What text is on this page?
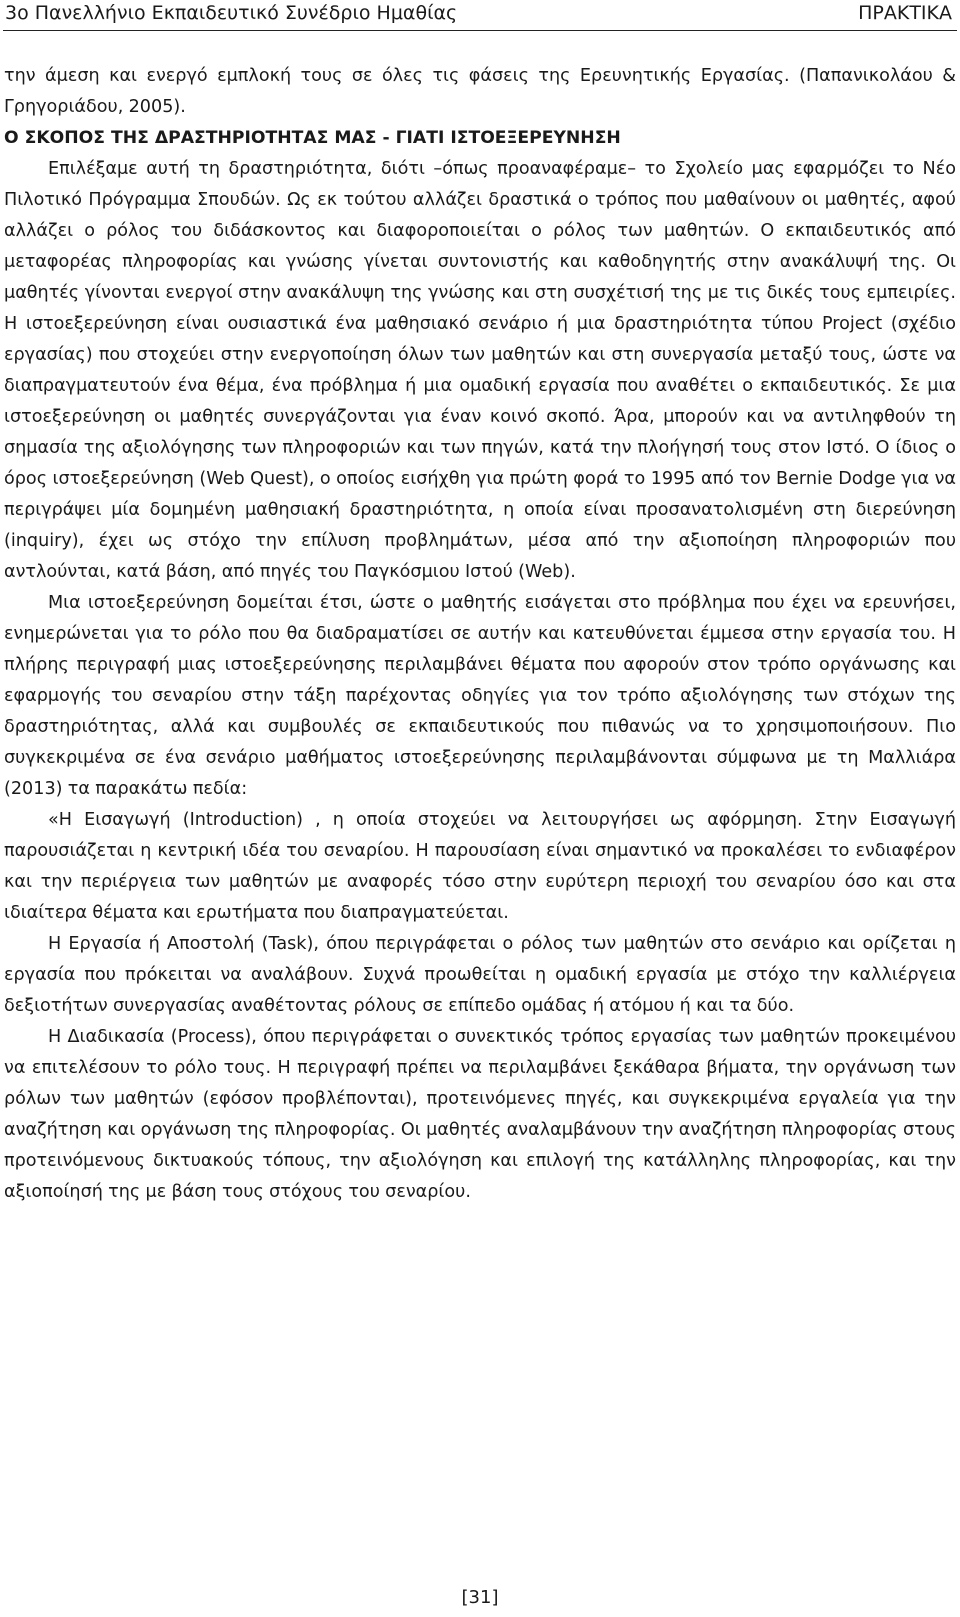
3ο Πανελλήνιο Εκπαιδευτικό Συνέδριο Ημαθίας	ΠΡΑΚΤΙΚΑ

την άμεση και ενεργό εμπλοκή τους σε όλες τις φάσεις της Ερευνητικής Εργασίας. (Παπανικολάου & Γρηγοριάδου, 2005).

Ο ΣΚΟΠΟΣ ΤΗΣ ΔΡΑΣΤΗΡΙΟΤΗΤΑΣ ΜΑΣ - ΓΙΑΤΙ ΙΣΤΟΕΞΕΡΕΥΝΗΣΗ

Επιλέξαμε αυτή τη δραστηριότητα, διότι –όπως προαναφέραμε– το Σχολείο μας εφαρμόζει το Νέο Πιλοτικό Πρόγραμμα Σπουδών. Ως εκ τούτου αλλάζει δραστικά ο τρόπος που μαθαίνουν οι μαθητές, αφού αλλάζει ο ρόλος του διδάσκοντος και διαφοροποιείται ο ρόλος των μαθητών. Ο εκπαιδευτικός από μεταφορέας πληροφορίας και γνώσης γίνεται συντονιστής και καθοδηγητής στην ανακάλυψή της. Οι μαθητές γίνονται ενεργοί στην ανακάλυψη της γνώσης και στη συσχέτισή της με τις δικές τους εμπειρίες. Η ιστοεξερεύνηση είναι ουσιαστικά ένα μαθησιακό σενάριο ή μια δραστηριότητα τύπου Project (σχέδιο εργασίας) που στοχεύει στην ενεργοποίηση όλων των μαθητών και στη συνεργασία μεταξύ τους, ώστε να διαπραγματευτούν ένα θέμα, ένα πρόβλημα ή μια ομαδική εργασία που αναθέτει ο εκπαιδευτικός. Σε μια ιστοεξερεύνηση οι μαθητές συνεργάζονται για έναν κοινό σκοπό. Άρα, μπορούν και να αντιληφθούν τη σημασία της αξιολόγησης των πληροφοριών και των πηγών, κατά την πλοήγησή τους στον Ιστό. Ο ίδιος ο όρος ιστοεξερεύνηση (Web Quest), ο οποίος εισήχθη για πρώτη φορά το 1995 από τον Bernie Dodge για να περιγράψει μία δομημένη μαθησιακή δραστηριότητα, η οποία είναι προσανατολισμένη στη διερεύνηση (inquiry), έχει ως στόχο την επίλυση προβλημάτων, μέσα από την αξιοποίηση πληροφοριών που αντλούνται, κατά βάση, από πηγές του Παγκόσμιου Ιστού (Web).

Μια ιστοεξερεύνηση δομείται έτσι, ώστε ο μαθητής εισάγεται στο πρόβλημα που έχει να ερευνήσει, ενημερώνεται για το ρόλο που θα διαδραματίσει σε αυτήν και κατευθύνεται έμμεσα στην εργασία του. Η πλήρης περιγραφή μιας ιστοεξερεύνησης περιλαμβάνει θέματα που αφορούν στον τρόπο οργάνωσης και εφαρμογής του σεναρίου στην τάξη παρέχοντας οδηγίες για τον τρόπο αξιολόγησης των στόχων της δραστηριότητας, αλλά και συμβουλές σε εκπαιδευτικούς που πιθανώς να το χρησιμοποιήσουν. Πιο συγκεκριμένα σε ένα σενάριο μαθήματος ιστοεξερεύνησης περιλαμβάνονται σύμφωνα με τη Μαλλιάρα (2013) τα παρακάτω πεδία:

«Η Εισαγωγή (Introduction) , η οποία στοχεύει να λειτουργήσει ως αφόρμηση. Στην Εισαγωγή παρουσιάζεται η κεντρική ιδέα του σεναρίου. Η παρουσίαση είναι σημαντικό να προκαλέσει το ενδιαφέρον και την περιέργεια των μαθητών με αναφορές τόσο στην ευρύτερη περιοχή του σεναρίου όσο και στα ιδιαίτερα θέματα και ερωτήματα που διαπραγματεύεται.

Η Εργασία ή Αποστολή (Task), όπου περιγράφεται ο ρόλος των μαθητών στο σενάριο και ορίζεται η εργασία που πρόκειται να αναλάβουν. Συχνά προωθείται η ομαδική εργασία με στόχο την καλλιέργεια δεξιοτήτων συνεργασίας αναθέτοντας ρόλους σε επίπεδο ομάδας ή ατόμου ή και τα δύο.

Η Διαδικασία (Process), όπου περιγράφεται ο συνεκτικός τρόπος εργασίας των μαθητών προκειμένου να επιτελέσουν το ρόλο τους. Η περιγραφή πρέπει να περιλαμβάνει ξεκάθαρα βήματα, την οργάνωση των ρόλων των μαθητών (εφόσον προβλέπονται), προτεινόμενες πηγές, και συγκεκριμένα εργαλεία για την αναζήτηση και οργάνωση της πληροφορίας. Οι μαθητές αναλαμβάνουν την αναζήτηση πληροφορίας στους προτεινόμενους δικτυακούς τόπους, την αξιολόγηση και επιλογή της κατάλληλης πληροφορίας, και την αξιοποίησή της με βάση τους στόχους του σεναρίου.

[31]
